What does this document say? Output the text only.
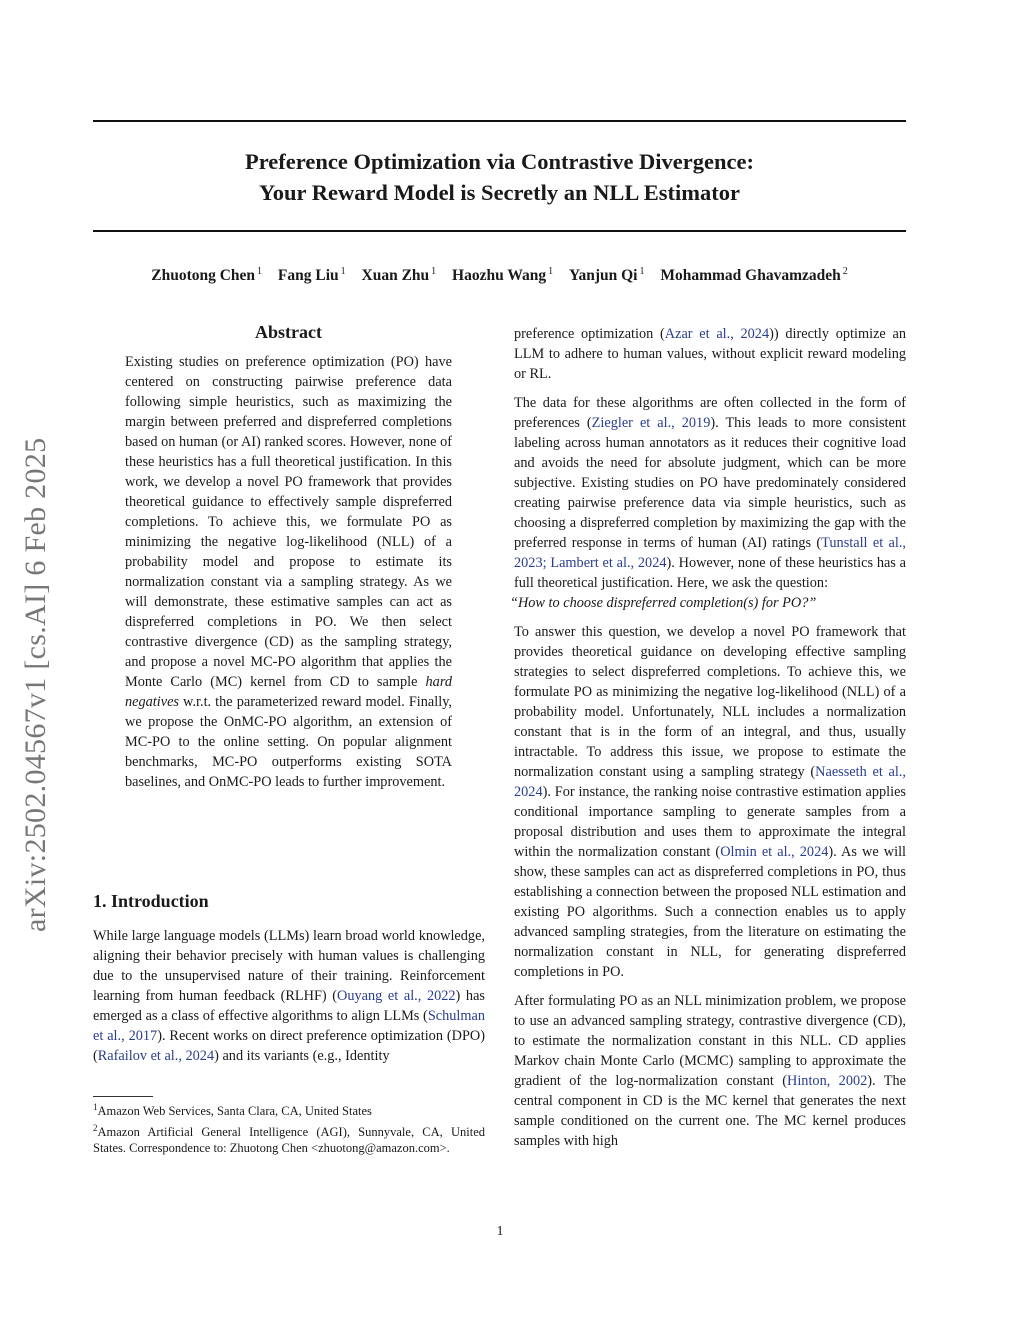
Preference Optimization via Contrastive Divergence:
Your Reward Model is Secretly an NLL Estimator
Zhuotong Chen $^1$ Fang Liu $^1$ Xuan Zhu $^1$ Haozhu Wang $^1$ Yanjun Qi $^1$ Mohammad Ghavamzadeh $^2$
arXiv:2502.04567v1 [cs.AI] 6 Feb 2025
Abstract
Existing studies on preference optimization (PO) have centered on constructing pairwise preference data following simple heuristics, such as maximizing the margin between preferred and dispreferred completions based on human (or AI) ranked scores. However, none of these heuristics has a full theoretical justification. In this work, we develop a novel PO framework that provides theoretical guidance to effectively sample dispreferred completions. To achieve this, we formulate PO as minimizing the negative log-likelihood (NLL) of a probability model and propose to estimate its normalization constant via a sampling strategy. As we will demonstrate, these estimative samples can act as dispreferred completions in PO. We then select contrastive divergence (CD) as the sampling strategy, and propose a novel MC-PO algorithm that applies the Monte Carlo (MC) kernel from CD to sample hard negatives w.r.t. the parameterized reward model. Finally, we propose the OnMC-PO algorithm, an extension of MC-PO to the online setting. On popular alignment benchmarks, MC-PO outperforms existing SOTA baselines, and OnMC-PO leads to further improvement.
1. Introduction
While large language models (LLMs) learn broad world knowledge, aligning their behavior precisely with human values is challenging due to the unsupervised nature of their training. Reinforcement learning from human feedback (RLHF) (Ouyang et al., 2022) has emerged as a class of effective algorithms to align LLMs (Schulman et al., 2017). Recent works on direct preference optimization (DPO) (Rafailov et al., 2024) and its variants (e.g., Identity
$^1$Amazon Web Services, Santa Clara, CA, United States
$^2$Amazon Artificial General Intelligence (AGI), Sunnyvale, CA, United States. Correspondence to: Zhuotong Chen <zhuotong@amazon.com>.

preference optimization (Azar et al., 2024)) directly optimize an LLM to adhere to human values, without explicit reward modeling or RL.

The data for these algorithms are often collected in the form of preferences (Ziegler et al., 2019). This leads to more consistent labeling across human annotators as it reduces their cognitive load and avoids the need for absolute judgment, which can be more subjective. Existing studies on PO have predominately considered creating pairwise preference data via simple heuristics, such as choosing a dispreferred completion by maximizing the gap with the preferred response in terms of human (AI) ratings (Tunstall et al., 2023; Lambert et al., 2024). However, none of these heuristics has a full theoretical justification. Here, we ask the question:
“How to choose dispreferred completion(s) for PO?”

To answer this question, we develop a novel PO framework that provides theoretical guidance on developing effective sampling strategies to select dispreferred completions. To achieve this, we formulate PO as minimizing the negative log-likelihood (NLL) of a probability model. Unfortunately, NLL includes a normalization constant that is in the form of an integral, and thus, usually intractable. To address this issue, we propose to estimate the normalization constant using a sampling strategy (Naesseth et al., 2024). For instance, the ranking noise contrastive estimation applies conditional importance sampling to generate samples from a proposal distribution and uses them to approximate the integral within the normalization constant (Olmin et al., 2024). As we will show, these samples can act as dispreferred completions in PO, thus establishing a connection between the proposed NLL estimation and existing PO algorithms. Such a connection enables us to apply advanced sampling strategies, from the literature on estimating the normalization constant in NLL, for generating dispreferred completions in PO.

After formulating PO as an NLL minimization problem, we propose to use an advanced sampling strategy, contrastive divergence (CD), to estimate the normalization constant in this NLL. CD applies Markov chain Monte Carlo (MCMC) sampling to approximate the gradient of the log-normalization constant (Hinton, 2002). The central component in CD is the MC kernel that generates the next sample conditioned on the current one. The MC kernel produces samples with high

1
